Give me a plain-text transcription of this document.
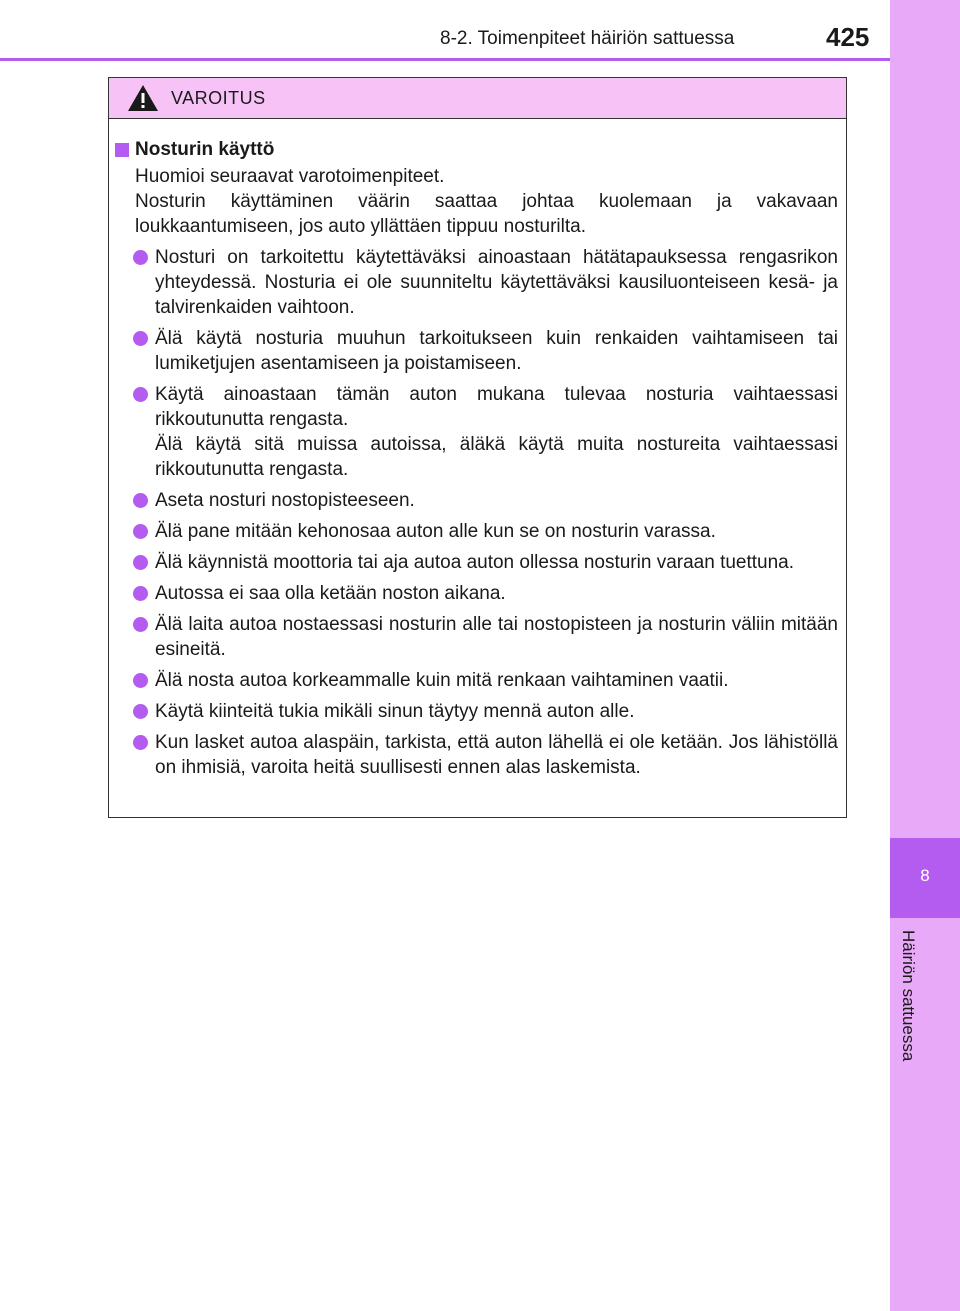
8
Häiriön sattuessa
8-2. Toimenpiteet häiriön sattuessa	425
VAROITUS
Nosturin käyttö

Huomioi seuraavat varotoimenpiteet.

Nosturin käyttäminen väärin saattaa johtaa kuolemaan ja vakavaan loukkaantumiseen, jos auto yllättäen tippuu nosturilta.

Nosturi on tarkoitettu käytettäväksi ainoastaan hätätapauksessa rengasrikon yhteydessä. Nosturia ei ole suunniteltu käytettäväksi kausiluonteiseen kesä- ja talvirenkaiden vaihtoon.
Älä käytä nosturia muuhun tarkoitukseen kuin renkaiden vaihtamiseen tai lumiketjujen asentamiseen ja poistamiseen.
Käytä ainoastaan tämän auton mukana tulevaa nosturia vaihtaessasi rikkoutunutta rengasta.
Älä käytä sitä muissa autoissa, äläkä käytä muita nostureita vaihtaessasi rikkoutunutta rengasta.
Aseta nosturi nostopisteeseen.
Älä pane mitään kehonosaa auton alle kun se on nosturin varassa.
Älä käynnistä moottoria tai aja autoa auton ollessa nosturin varaan tuettuna.
Autossa ei saa olla ketään noston aikana.
Älä laita autoa nostaessasi nosturin alle tai nostopisteen ja nosturin väliin mitään esineitä.
Älä nosta autoa korkeammalle kuin mitä renkaan vaihtaminen vaatii.
Käytä kiinteitä tukia mikäli sinun täytyy mennä auton alle.
Kun lasket autoa alaspäin, tarkista, että auton lähellä ei ole ketään. Jos lähistöllä on ihmisiä, varoita heitä suullisesti ennen alas laskemista.
